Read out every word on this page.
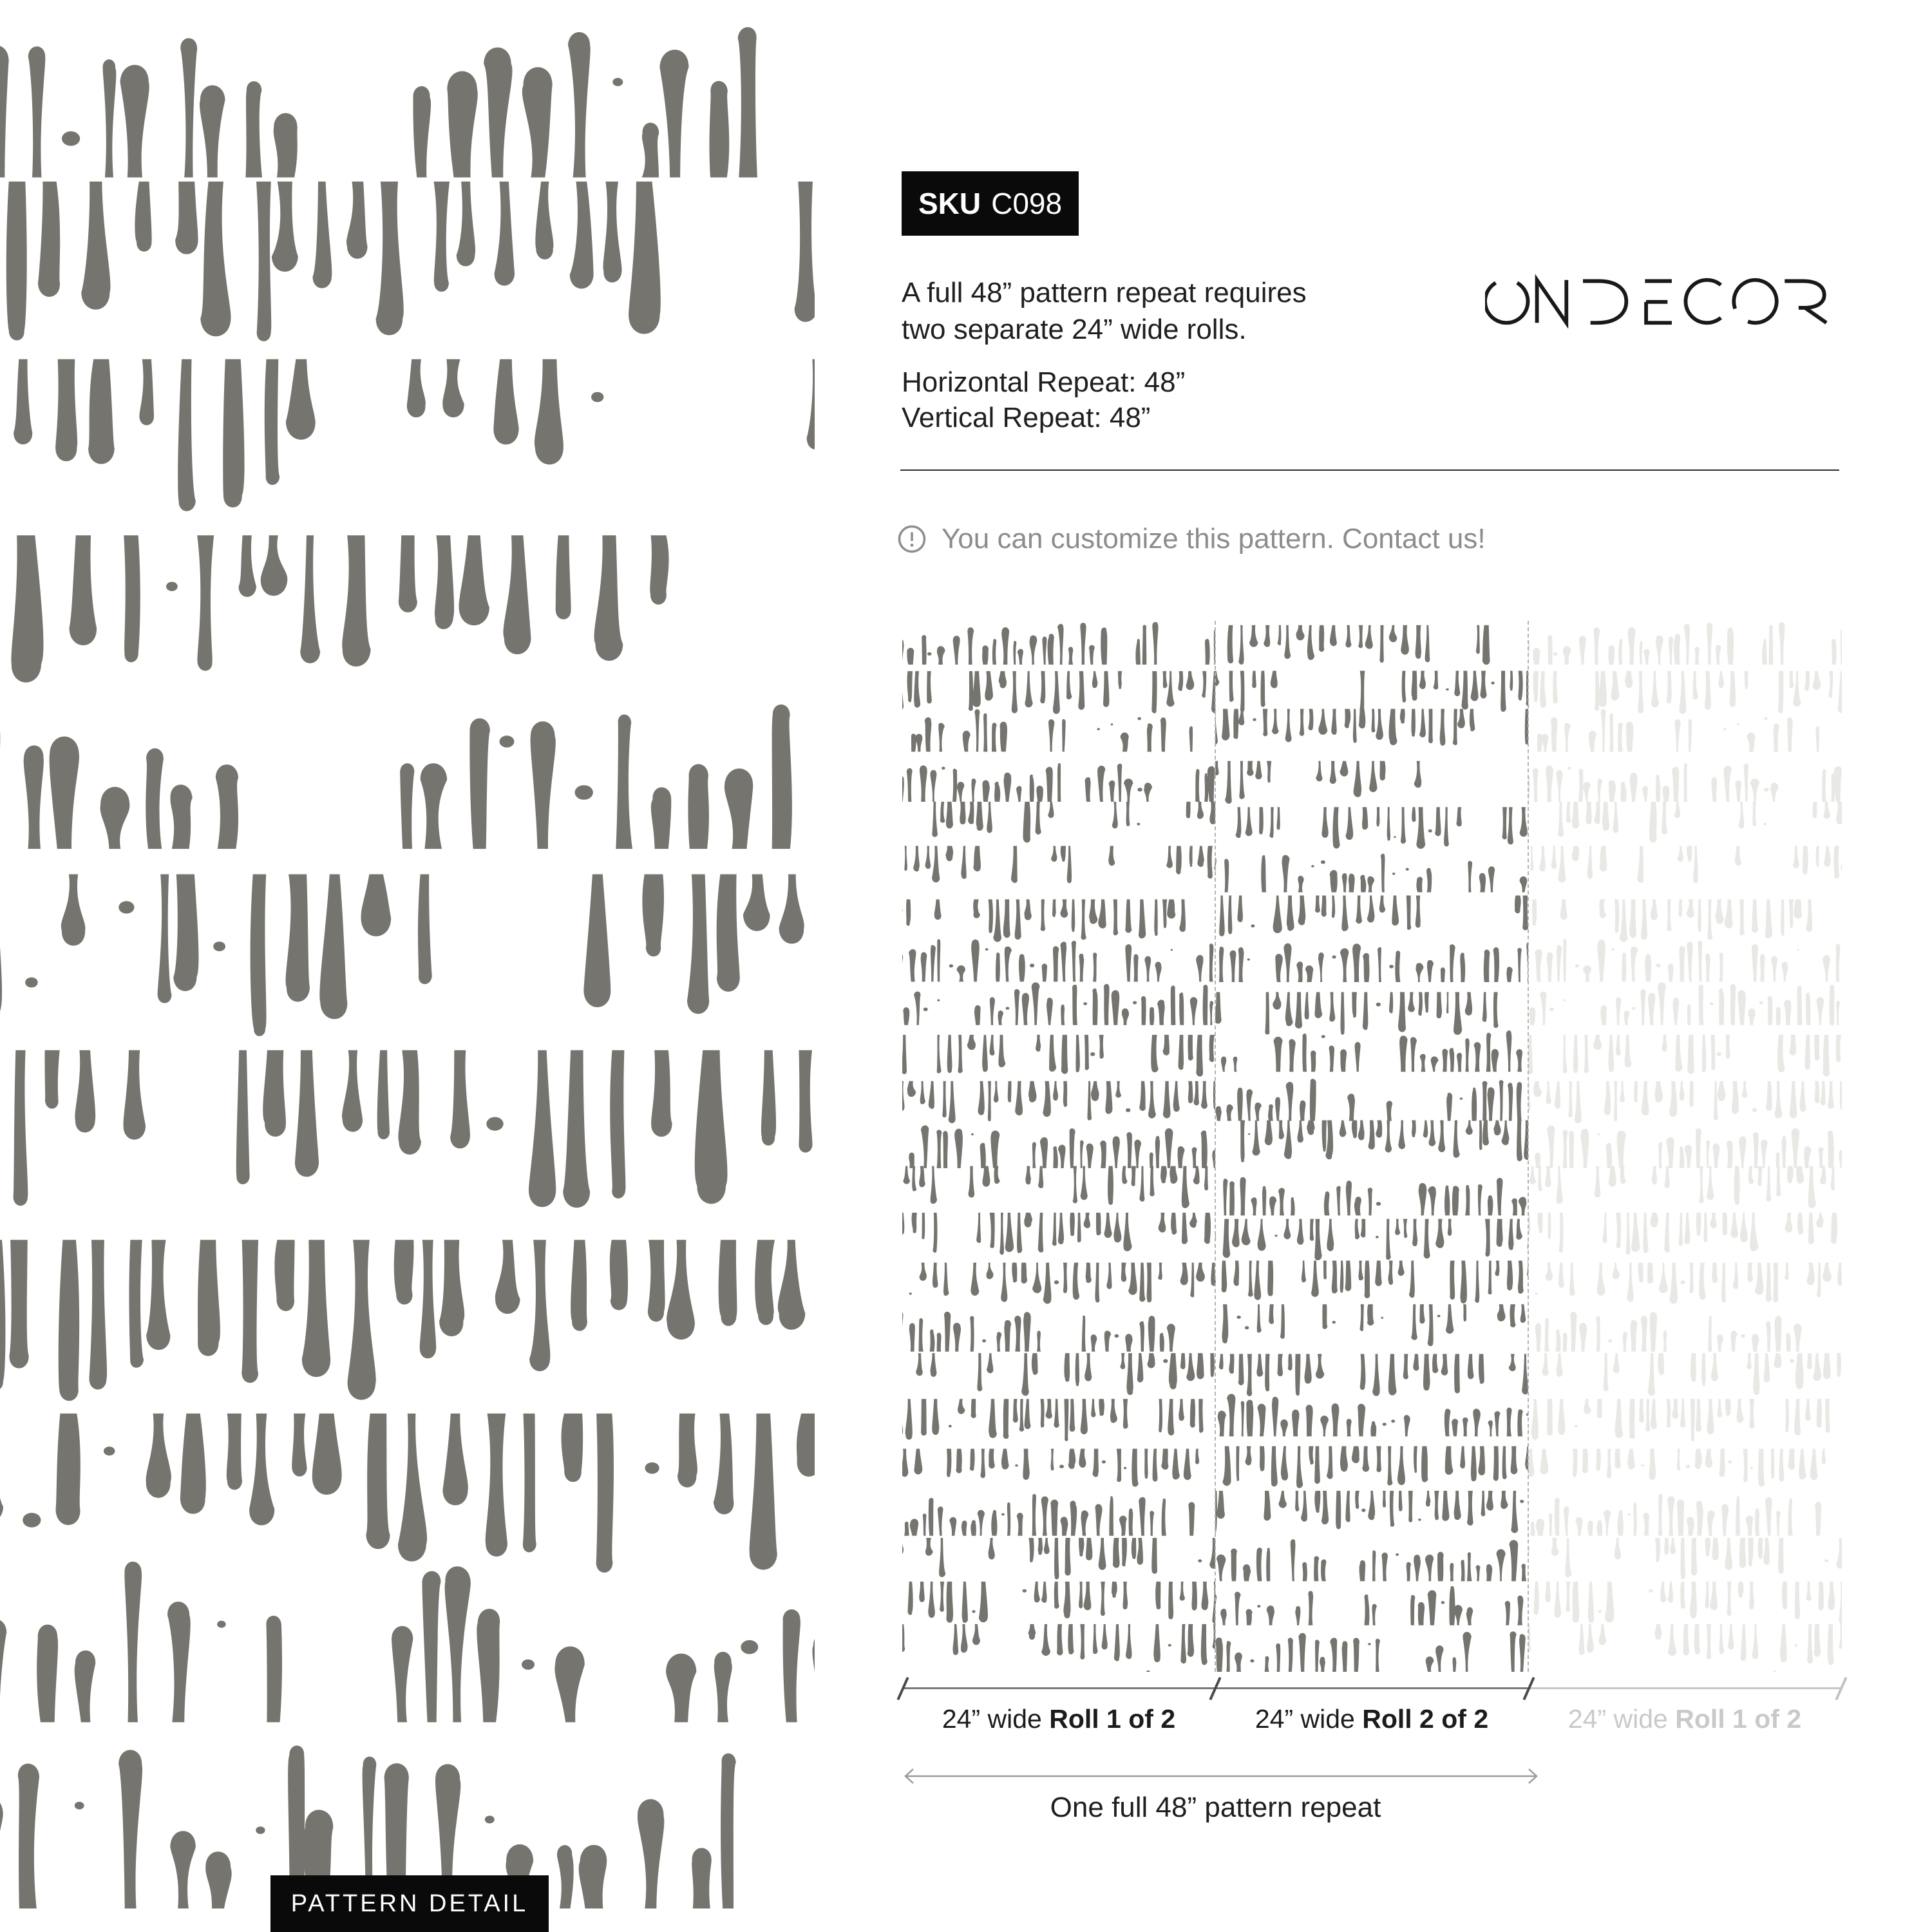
PATTERN DETAIL
SKU C098
A full 48” pattern repeat requires
two separate 24” wide rolls.
Horizontal Repeat: 48”
Vertical Repeat: 48”
You can customize this pattern. Contact us!
24” wide Roll 1 of 2	24” wide Roll 2 of 2	24” wide Roll 1 of 2
One full 48” pattern repeat
